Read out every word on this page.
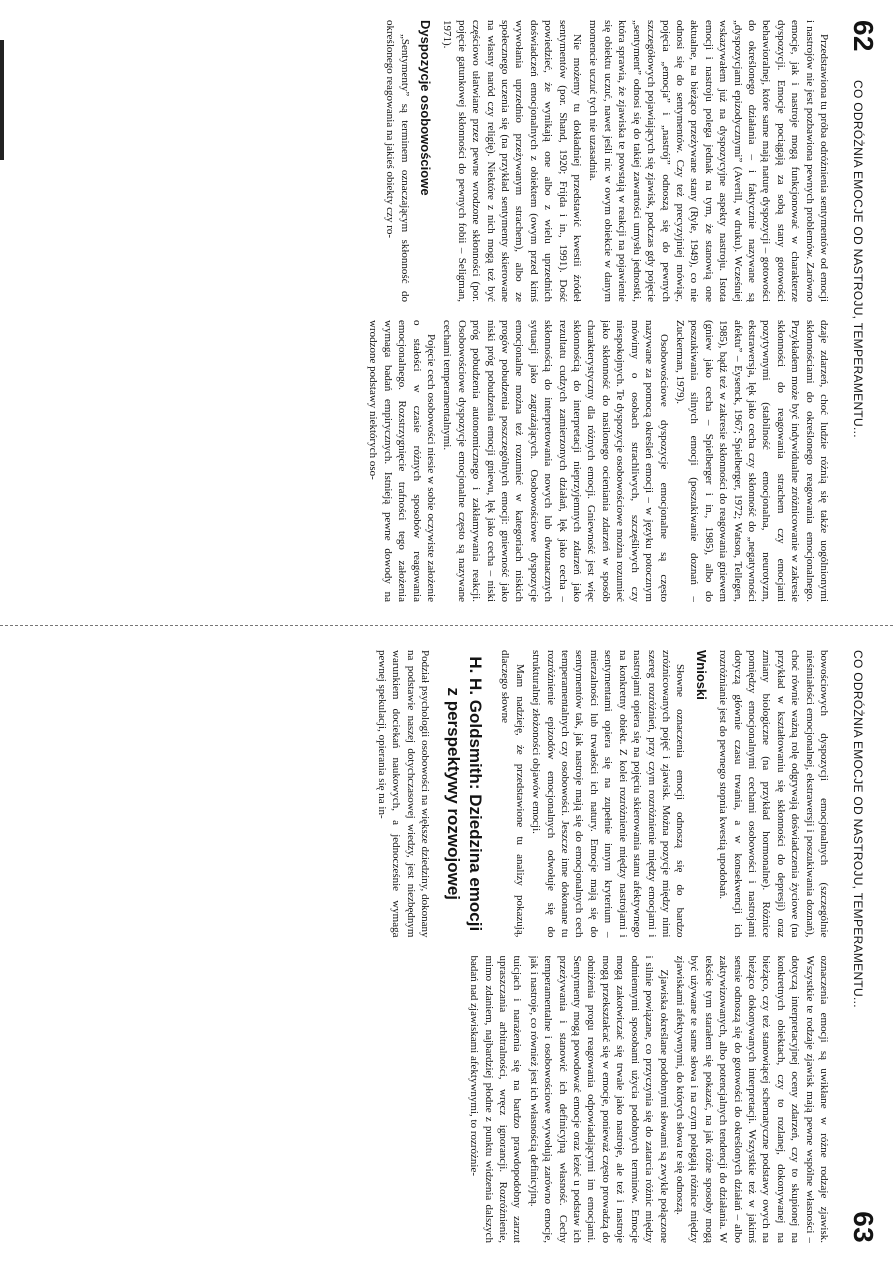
62
CO ODRÓŻNIA EMOCJE OD NASTROJU, TEMPERAMENTU...

Przedstawiona tu próba odróżnienia sentymentów od emocji i nastrojów nie jest pozbawiona pewnych problemów. Zarówno emocje, jak i nastroje mogą funkcjonować w charakterze dyspozycji. Emocje pociągają za sobą stany gotowości behawioralnej, które same mają naturę dyspozycji – gotowości do określonego działania – i faktycznie nazywane są „dyspozycjami epizodycznymi” (Averill, w druku). Wcześniej wskazywałem już na dyspozycyjne aspekty nastroju. Istota emocji i nastroju polega jednak na tym, że stanowią one aktualne, na bieżąco przeżywane stany (Ryle, 1949), co nie odnosi się do sentymentów. Czy też precyzyjniej mówiąc, pojęcia „emocja” i „nastrój” odnoszą się do pewnych szczegółowych pojawiających się zjawisk, podczas gdy pojęcie „sentyment” odnosi się do takiej zawartości umysłu jednostki, która sprawia, że zjawiska te powstają w reakcji na pojawienie się obiektu uczuć, nawet jeśli nic w owym obiekcie w danym momencie uczuć tych nie uzasadnia.

Nie możemy tu dokładniej przedstawić kwestii źródeł sentymentów (por. Shand, 1920; Frijda i in., 1991). Dość powiedzieć, że wynikają one albo z wielu uprzednich doświadczeń emocjonalnych z obiektem (owym przed kimś wywołania uprzednio przeżywanym strachem), albo ze społecznego uczenia się (na przykład sentymenty skierowane na własny naród czy religię). Niektóre z nich mogą też być częściowo ułatwiane przez pewne wrodzone skłonności (por. pojęcie gatunkowej skłonności do pewnych fobii – Seligman, 1971).

Dyspozycje osobowościowe

„Sentymenty” są terminem oznaczającym skłonność do określonego reagowania na jakieś obiekty czy ro-

dzaje zdarzeń, choć ludzie różnią się także uogólnionymi skłonnościami do określonego reagowania emocjonalnego. Przykładem może być indywidualne zróżnicowanie w zakresie skłonności do reagowania strachem czy emocjami pozytywnymi (stabilność emocjonalna, neurotyzm, ekstrawersja, lęk jako cecha czy skłonność do „negatywności afektu” – Eysenck, 1967; Spielberger, 1972; Watson, Tellegen, 1985), bądź też w zakresie skłonności do reagowania gniewem (gniew jako cecha – Spielberger i in., 1985), albo do poszukiwania silnych emocji (poszukiwanie doznań – Zuckerman, 1979).

Osobowościowe dyspozycje emocjonalne są często nazywane za pomocą określeń emocji – w języku potocznym mówimy o osobach strachliwych, szczęśliwych czy niespokojnych. Te dyspozycje osobowościowe można rozumieć jako skłonność do nasilonego ocieniania zdarzeń w sposób charakterystyczny dla różnych emocji. Gniewność jest więc skłonnością do interpretacji nieprzyjemnych zdarzeń jako rezultatu cudzych zamierzonych działań, lęk jako cecha – skłonnością do interpretowania nowych lub dwuznacznych sytuacji jako zagrażających. Osobowościowe dyspozycje emocjonalne można też rozumieć w kategoriach niskich progów pobudzenia poszczególnych emocji: gniewność jako niski próg pobudzenia emocji gniewu, lęk jako cecha – niski próg pobudzenia autonomicznego i zakłamywania reakcji. Osobowościowe dyspozycje emocjonalne często są nazywane cechami temperamentalnymi.

Pojęcie cech osobowości niesie w sobie oczywiste założenie o stałości w czasie różnych sposobów reagowania emocjonalnego. Rozstrzygnięcie trafności tego założenia wymaga badań empirycznych. Istnieją pewne dowody na wrodzone podstawy niektórych oso-

CO ODRÓŻNIA EMOCJE OD NASTROJU, TEMPERAMENTU...
63

bowościowych dyspozycji emocjonalnych (szczególnie nieśmiałości emocjonalnej, ekstrawersji i poszukiwania doznań), choć równie ważną rolę odgrywają doświadczenia życiowe (na przykład w kształtowaniu się skłonności do depresji) oraz zmiany biologiczne (na przykład hormonalne). Różnice pomiędzy emocjonalnymi cechami osobowości i nastrojami dotyczą głównie czasu trwania, a w konsekwencji ich rozróżnianie jest do pewnego stopnia kwestią upodobań.

Wnioski

Słowne oznaczenia emocji odnoszą się do bardzo zróżnicowanych pojęć i zjawisk. Można pozycje między nimi szereg rozróżnień, przy czym rozróżnienie między emocjami i nastrojami opiera się na pojęciu skierowania stanu afektywnego na konkretny obiekt. Z kolei rozróżnienie między nastrojami i sentymentami opiera się na zupełnie innym kryterium – mierzalności lub trwałości ich natury. Emocje mają się do sentymentów tak, jak nastroje mają się do emocjonalnych cech temperamentalnych czy osobowości. Jeszcze inne dokonane tu rozróżnienie epizodów emocjonalnych odwołuje się do strukturalnej złożoności objawów emocji.

Mam nadzieję, że przedstawione tu analizy pokazują, dlaczego słowne

H. H. Goldsmith: Dziedzina emocji z perspektywy rozwojowej

Podział psychologii osobowości na większe dziedziny, dokonany na podstawie naszej dotychczasowej wiedzy, jest niezbędnym warunkiem dociekań naukowych, a jednocześnie wymaga pewnej spekulacji, opierania się na in-

oznaczenia emocji są uwikłane w różne rodzaje zjawisk. Wszystkie te rodzaje zjawisk mają pewne wspólne własności – dotyczą interpretacyjnej oceny zdarzeń, czy to skupionej na konkretnych obiektach, czy to rozlanej, dokonywanej na bieżąco, czy też stanowiącej schematyczne podstawy owych na bieżąco dokonywanych interpretacji. Wszystkie też w jakimś sensie odnoszą się do gotowości do określonych działań – albo zaktywizowanych, albo potencjalnych tendencji do działania. W tekście tym starałem się pokazać, na jak różne sposoby mogą być używane te same słowa i na czym polegają różnice między zjawiskami afektywnymi, do których słowa te się odnoszą.

Zjawiska określane podobnymi słowami są zwykle połączone i silnie powiązane, co przyczynia się do zatarcia różnic między odmiennymi sposobami użycia podobnych terminów. Emocje mogą zakotwiczać się trwale jako nastroje, ale też i nastroje mogą przekształcać się w emocje, ponieważ często prowadzą do obniżenia progu reagowania odpowiadającymi im emocjami. Sentymenty mogą powodować emocje oraz leżeć u podstaw ich przeżywania i stanowić ich definicyjną własność. Cechy temperamentalne i osobowościowe wywołują zarówno emocje, jak i nastroje, co również jest ich własnością definicyjną.

tuicjach i narażenia się na bardzo prawdopodobny zarzut upraszczania arbitralności, wręcz ignorancji. Rozróżnienie, mimo zdaniem, najbardziej płodne z punktu widzenia dalszych badań nad zjawiskami afektywnymi, to rozróżnie-
